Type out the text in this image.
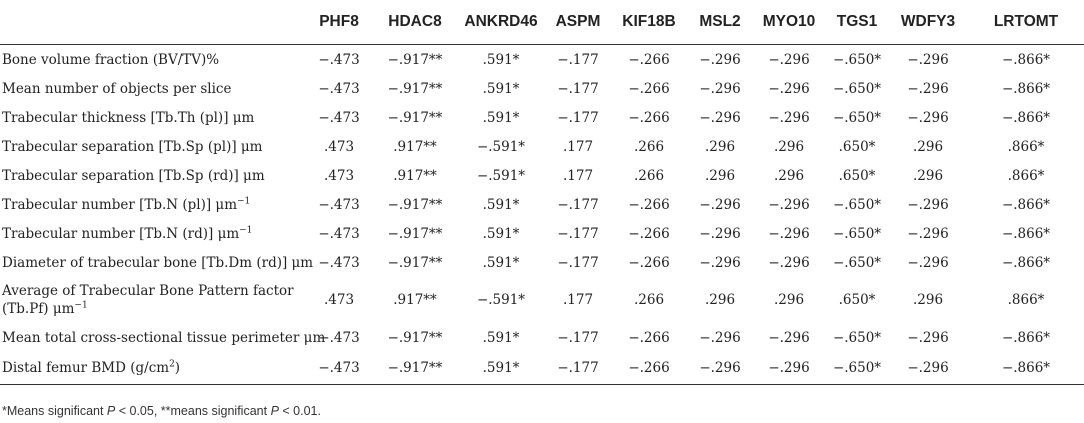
	PHF8	HDAC8	ANKRD46	ASPM	KIF18B	MSL2	MYO10	TGS1	WDFY3	LRTOMT
Bone volume fraction (BV/TV)%	−.473	−.917**	.591*	−.177	−.266	−.296	−.296	−.650*	−.296	−.866*
Mean number of objects per slice	−.473	−.917**	.591*	−.177	−.266	−.296	−.296	−.650*	−.296	−.866*
Trabecular thickness [Tb.Th (pl)] μm	−.473	−.917**	.591*	−.177	−.266	−.296	−.296	−.650*	−.296	−.866*
Trabecular separation [Tb.Sp (pl)] μm	.473	.917**	−.591*	.177	.266	.296	.296	.650*	.296	.866*
Trabecular separation [Tb.Sp (rd)] μm	.473	.917**	−.591*	.177	.266	.296	.296	.650*	.296	.866*
Trabecular number [Tb.N (pl)] $\mu m^{-1}$	−.473	−.917**	.591*	−.177	−.266	−.296	−.296	−.650*	−.296	−.866*
Trabecular number [Tb.N (rd)] $\mu m^{-1}$	−.473	−.917**	.591*	−.177	−.266	−.296	−.296	−.650*	−.296	−.866*
Diameter of trabecular bone [Tb.Dm (rd)] μm	−.473	−.917**	.591*	−.177	−.266	−.296	−.296	−.650*	−.296	−.866*
Average of Trabecular Bone Pattern factor (Tb.Pf) $\mu m^{-1}$	.473	.917**	−.591*	.177	.266	.296	.296	.650*	.296	.866*
Mean total cross-sectional tissue perimeter μm	−.473	−.917**	.591*	−.177	−.266	−.296	−.296	−.650*	−.296	−.866*
Distal femur BMD $(g/cm^2)$	−.473	−.917**	.591*	−.177	−.266	−.296	−.296	−.650*	−.296	−.866*
*Means significant P < 0.05, **means significant P < 0.01.
